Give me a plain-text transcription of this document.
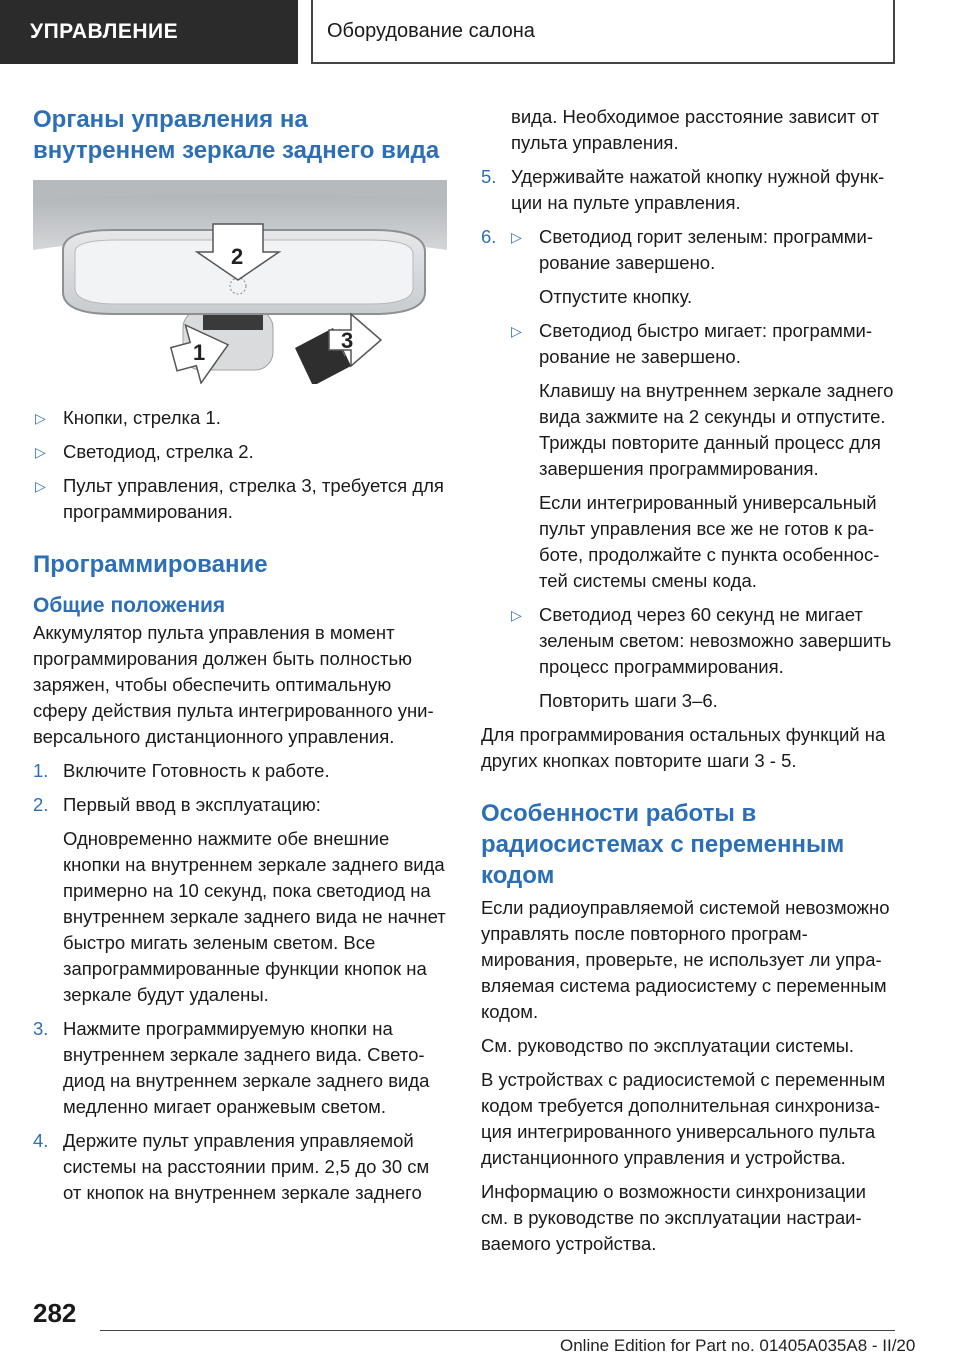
УПРАВЛЕНИЕ	Оборудование салона
Органы управления на внутреннем зеркале заднего вида
2
1	3
▷ Кнопки, стрелка 1.
▷ Светодиод, стрелка 2.
▷ Пульт управления, стрелка 3, требуется для программирования.
Программирование
Общие положения

Аккумулятор пульта управления в момент программирования должен быть полностью заряжен, чтобы обеспечить оптимальную сферу действия пульта интегрированного универсального дистанционного управления.

1. Включите Готовность к работе.
2. Первый ввод в эксплуатацию:
Одновременно нажмите обе внешние кнопки на внутреннем зеркале заднего вида примерно на 10 секунд, пока светодиод на внутреннем зеркале заднего вида не начнет быстро мигать зеленым светом. Все запрограммированные функции кнопок на зеркале будут удалены.
3. Нажмите программируемую кнопки на внутреннем зеркале заднего вида. Светодиод на внутреннем зеркале заднего вида медленно мигает оранжевым светом.
4. Держите пульт управления управляемой системы на расстоянии прим. 2,5 до 30 см от кнопок на внутреннем зеркале заднего
вида. Необходимое расстояние зависит от пульта управления.
5. Удерживайте нажатой кнопку нужной функции на пульте управления.
6. ▷ Светодиод горит зеленым: программирование завершено.
Отпустите кнопку.
▷ Светодиод быстро мигает: программирование не завершено.
Клавишу на внутреннем зеркале заднего вида зажмите на 2 секунды и отпустите. Трижды повторите данный процесс для завершения программирования.
Если интегрированный универсальный пульт управления все же не готов к работе, продолжайте с пункта особенностей системы смены кода.
▷ Светодиод через 60 секунд не мигает зеленым светом: невозможно завершить процесс программирования.
Повторить шаги 3–6.

Для программирования остальных функций на других кнопках повторите шаги 3 - 5.

Особенности работы в радиосистемах с переменным кодом

Если радиоуправляемой системой невозможно управлять после повторного программирования, проверьте, не использует ли управляемая система радиосистему с переменным кодом.

См. руководство по эксплуатации системы.

В устройствах с радиосистемой с переменным кодом требуется дополнительная синхронизация интегрированного универсального пульта дистанционного управления и устройства.

Информацию о возможности синхронизации см. в руководстве по эксплуатации настраиваемого устройства.

282
Online Edition for Part no. 01405A035A8 - II/20
